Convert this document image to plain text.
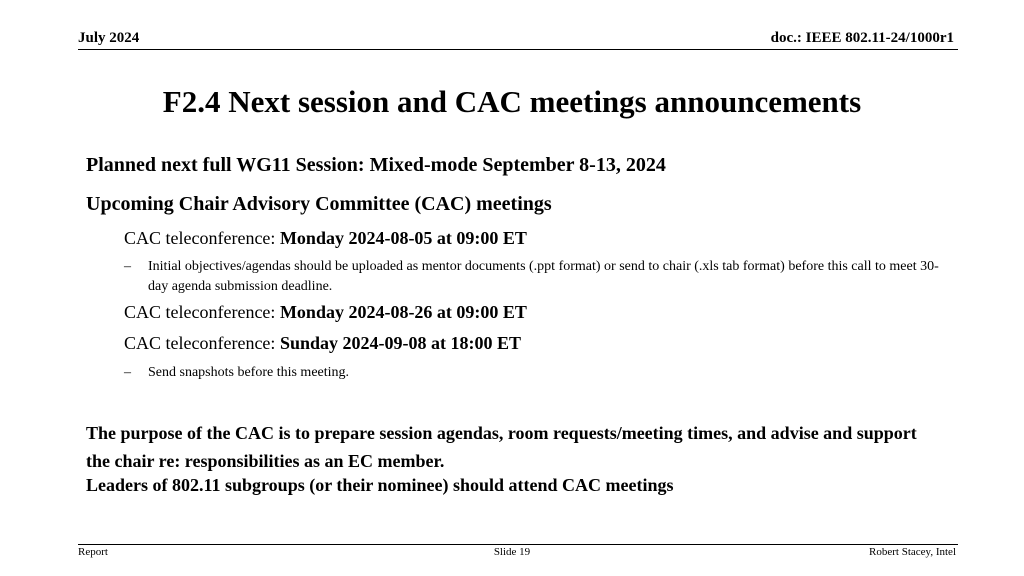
July 2024	doc.: IEEE 802.11-24/1000r1
F2.4 Next session and CAC meetings announcements
Planned next full WG11 Session: Mixed-mode September 8-13, 2024
Upcoming Chair Advisory Committee (CAC) meetings
CAC teleconference: Monday 2024-08-05 at 09:00 ET
–	Initial objectives/agendas should be uploaded as mentor documents (.ppt format) or send to chair (.xls tab format) before this call to meet 30-day agenda submission deadline.
CAC teleconference: Monday 2024-08-26 at 09:00 ET
CAC teleconference: Sunday 2024-09-08 at 18:00 ET
–	Send snapshots before this meeting.
The purpose of the CAC is to prepare session agendas, room requests/meeting times, and advise and support the chair re: responsibilities as an EC member.
Leaders of 802.11 subgroups (or their nominee) should attend CAC meetings
Report	Slide 19	Robert Stacey, Intel
